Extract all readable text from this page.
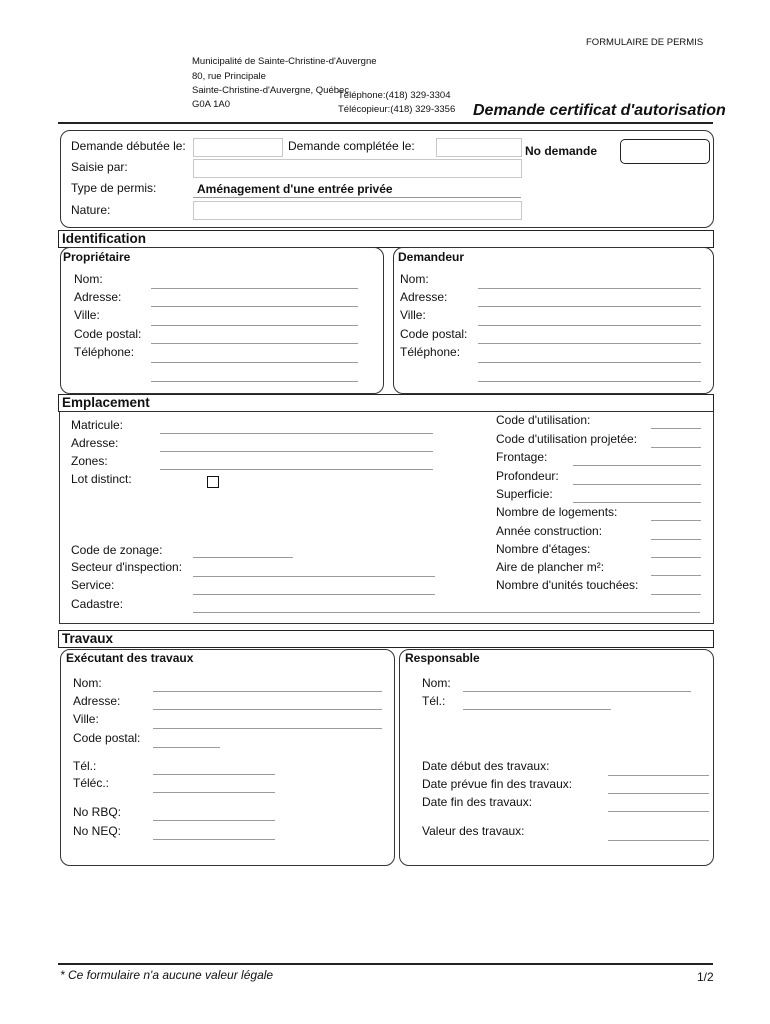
FORMULAIRE DE PERMIS
Municipalité de Sainte-Christine-d'Auvergne
80, rue Principale
Sainte-Christine-d'Auvergne, Québec
G0A 1A0
Téléphone:(418) 329-3304
Télécopieur:(418) 329-3356 Demande certificat d'autorisation
Demande débutée le:	Demande complétée le:	No demande
Saisie par:
Type de permis:	Aménagement d'une entrée privée
Nature:
Identification
Propriétaire
Nom:
Adresse:
Ville:
Code postal:
Téléphone:
Demandeur
Nom:
Adresse:
Ville:
Code postal:
Téléphone:
Emplacement
Matricule:
Adresse:
Zones:
Lot distinct:
Code de zonage:
Secteur d'inspection:
Service:
Cadastre:
Code d'utilisation:
Code d'utilisation projetée:
Frontage:
Profondeur:
Superficie:
Nombre de logements:
Année construction:
Nombre d'étages:
Aire de plancher m²:
Nombre d'unités touchées:
Travaux
Exécutant des travaux
Nom:
Adresse:
Ville:
Code postal:
Tél.:
Téléc.:
No RBQ:
No NEQ:
Responsable
Nom:
Tél.:
Date début des travaux:
Date prévue fin des travaux:
Date fin des travaux:
Valeur des travaux:
* Ce formulaire n'a aucune valeur légale	1/2
